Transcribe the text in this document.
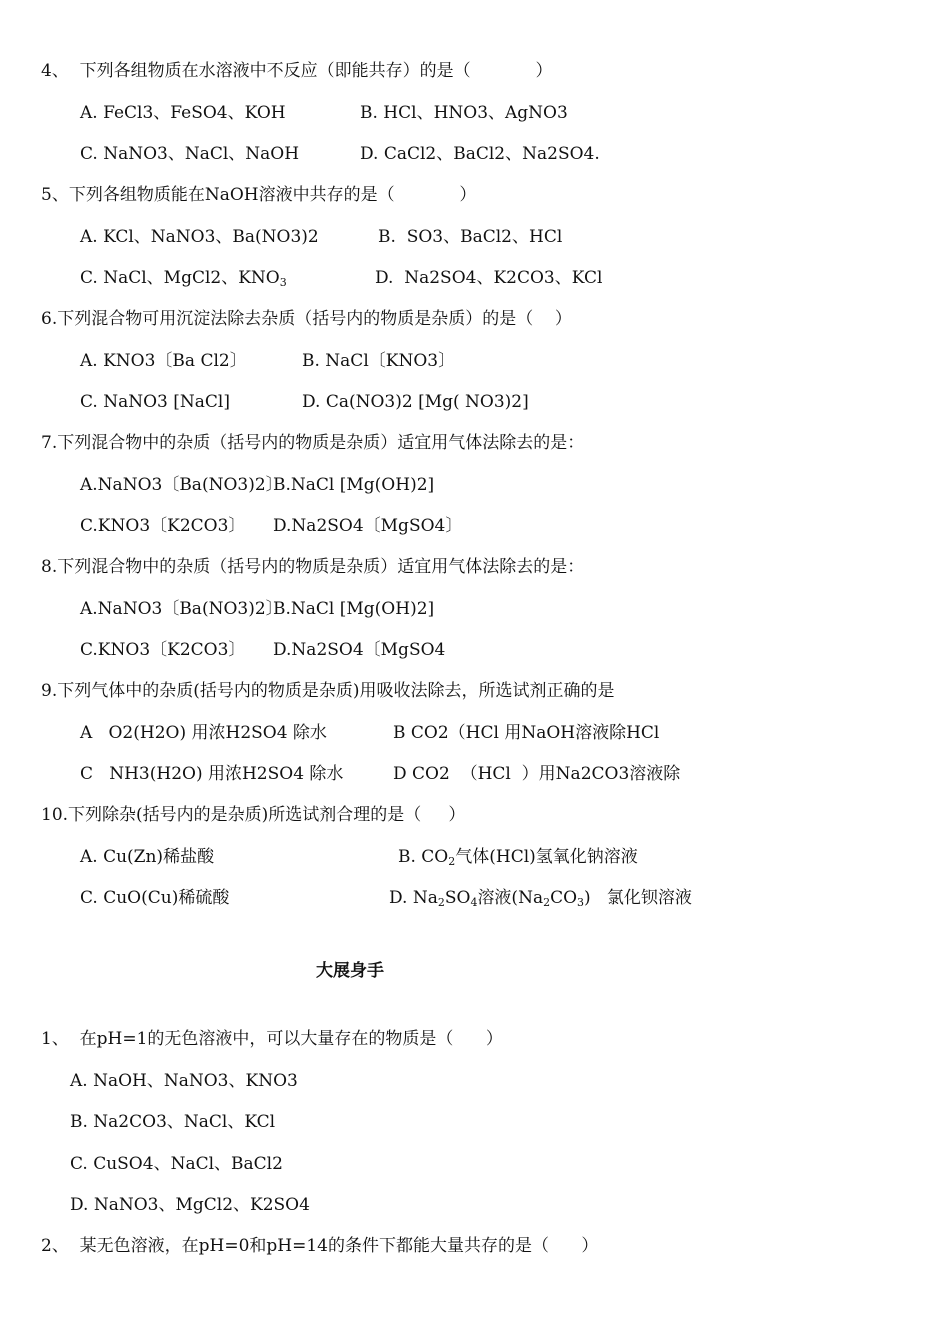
4、  下列各组物质在水溶液中不反应（即能共存）的是（            ）
A. FeCl3、FeSO4、KOH	B. HCl、HNO3、AgNO3
C. NaNO3、NaCl、NaOH	D. CaCl2、BaCl2、Na2SO4.
5、下列各组物质能在NaOH溶液中共存的是（            ）
A. KCl、NaNO3、Ba(NO3)2	B.  SO3、BaCl2、HCl
C. NaCl、MgCl2、$KNO_3$	D.  Na2SO4、K2CO3、KCl
6.下列混合物可用沉淀法除去杂质（括号内的物质是杂质）的是（    ）
A. KNO3〔Ba Cl2〕	B. NaCl〔KNO3〕
C. NaNO3 [NaCl]	D. Ca(NO3)2 [Mg( NO3)2]
7.下列混合物中的杂质（括号内的物质是杂质）适宜用气体法除去的是：
A.NaNO3〔Ba(NO3)2〕
B.NaCl [Mg(OH)2]
C.KNO3〔K2CO3〕 D.Na2SO4〔MgSO4〕
8.下列混合物中的杂质（括号内的物质是杂质）适宜用气体法除去的是：
A.NaNO3〔Ba(NO3)2〕
B.NaCl [Mg(OH)2]
C.KNO3〔K2CO3〕 D.Na2SO4〔MgSO4
9.下列气体中的杂质(括号内的物质是杂质)用吸收法除去，所选试剂正确的是
A   O2(H2O) 用浓H2SO4 除水	B CO2（HCl 用NaOH溶液除HCl
C   NH3(H2O) 用浓H2SO4 除水	D CO2  （HCl  ）用Na2CO3溶液除
10.下列除杂(括号内的是杂质)所选试剂合理的是（     ）
A. Cu(Zn)稀盐酸	B. $CO_2$气体(HCl)氢氧化钠溶液
C. CuO(Cu)稀硫酸	D. $Na_2SO_4$溶液$(Na_2CO_3)$   氯化钡溶液
大展身手
1、  在pH=1的无色溶液中，可以大量存在的物质是（      ）
A. NaOH、NaNO3、KNO3
B. Na2CO3、NaCl、KCl
C. CuSO4、NaCl、BaCl2
D. NaNO3、MgCl2、K2SO4
2、  某无色溶液，在pH=0和pH=14的条件下都能大量共存的是（      ）
